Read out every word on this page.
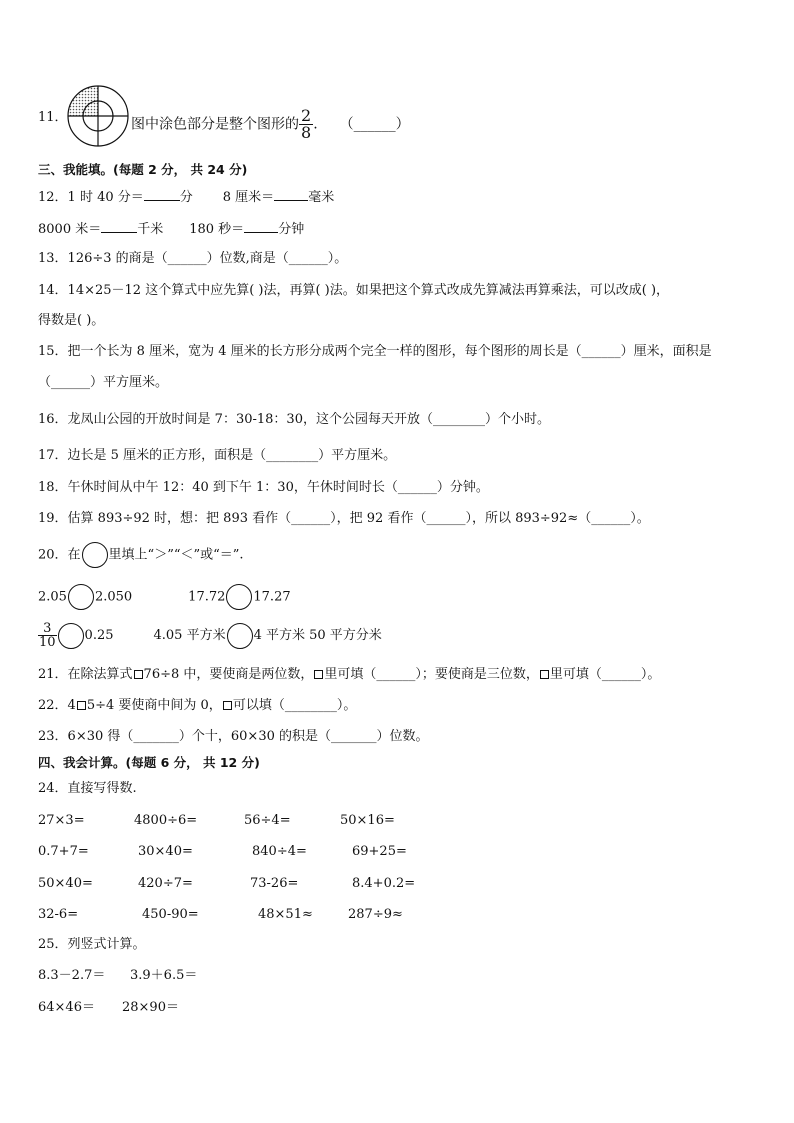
11．	图中涂色部分是整个图形的 $\frac{2}{8}$ . （______）
三、我能填。(每题 2 分， 共 24 分)
12．1 时 40 分＝	分 8 厘米＝	毫米
8000 米＝	千米 180 秒＝	分钟
13．126÷3 的商是（______）位数,商是（______）。
14．14×25－12 这个算式中应先算( )法，再算( )法。如果把这个算式改成先算减法再算乘法，可以改成( )，
得数是( )。
15．把一个长为 8 厘米，宽为 4 厘米的长方形分成两个完全一样的图形，每个图形的周长是（______）厘米，面积是
（______）平方厘米。
16．龙凤山公园的开放时间是 7：30-18：30，这个公园每天开放（________）个小时。
17．边长是 5 厘米的正方形，面积是（________）平方厘米。
18．午休时间从中午 12：40 到下午 1：30，午休时间时长（______）分钟。
19．估算 893÷92 时，想：把 893 看作（______），把 92 看作（______），所以 893÷92≈（______）。
20．在 里填上“＞”“＜”或“＝”.
2.05 2.050	17.72 17.27
$\frac{3}{10} 0.25$	4.05 平方米 4 平方米 50 平方分米
21．在除法算式 76÷8 中，要使商是两位数， 里可填（______）；要使商是三位数， 里可填（______）。
22．4 5÷4 要使商中间为 0， 可以填（________）。
23．6×30 得（_______）个十，60×30 的积是（_______）位数。
四、我会计算。(每题 6 分， 共 12 分)
24．直接写得数.
27×3=	4800÷6=	56÷4=	50×16=
0.7+7=	30×40=	840÷4=	69+25=
50×40=	420÷7=	73-26=	8.4+0.2=
32-6=	450-90=	48×51≈	287÷9≈
25．列竖式计算。
8.3－2.7＝ 3.9＋6.5＝
64×46＝ 28×90＝
